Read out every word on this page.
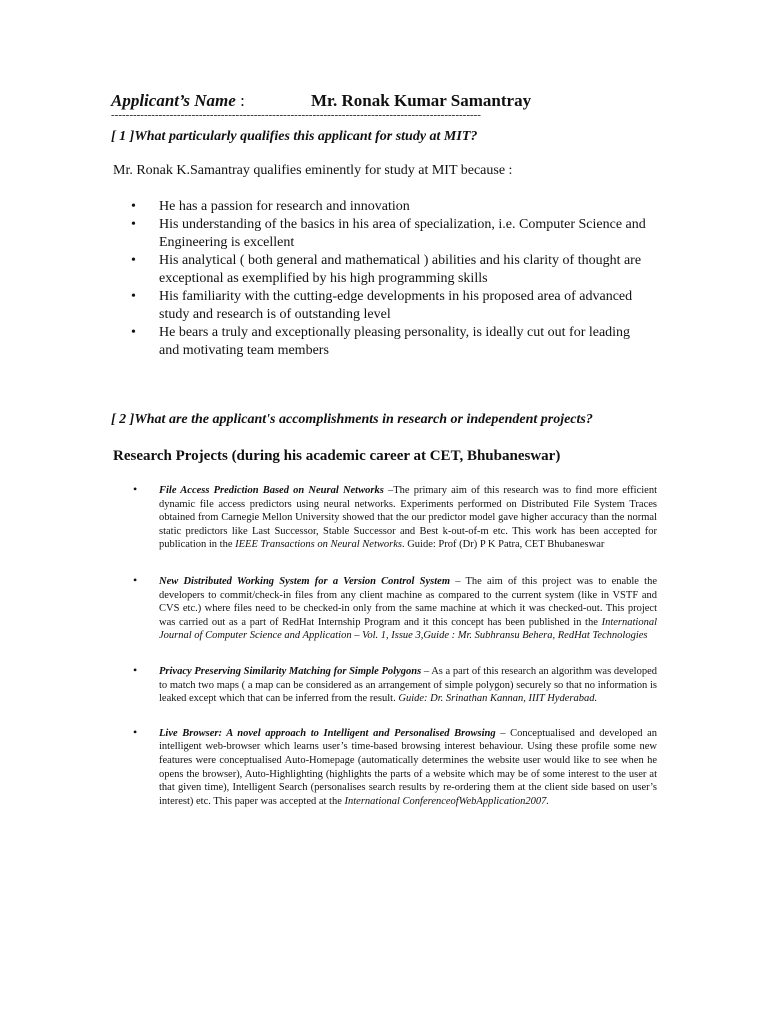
Applicant’s Name :	Mr. Ronak Kumar Samantray
-----------------------------------------------------------------------------------------------------
[ 1 ]What particularly qualifies this applicant for study at MIT?
Mr. Ronak K.Samantray qualifies eminently for study at MIT because :
• He has a passion for research and innovation
• His understanding of the basics in his area of specialization, i.e. Computer Science and Engineering is excellent
• His analytical ( both general and mathematical ) abilities and his clarity of thought are exceptional as exemplified by his high programming skills
• His familiarity with the cutting-edge developments in his proposed area of advanced study and research is of outstanding level
• He bears a truly and exceptionally pleasing personality, is ideally cut out for leading and motivating team members
[ 2 ]What are the applicant's accomplishments in research or independent projects?
Research Projects (during his academic career at CET, Bhubaneswar)
• File Access Prediction Based on Neural Networks –The primary aim of this research was to find more efficient dynamic file access predictors using neural networks. Experiments performed on Distributed File System Traces obtained from Carnegie Mellon University showed that the our predictor model gave higher accuracy than the normal static predictors like Last Successor, Stable Successor and Best k-out-of-m etc. This work has been accepted for publication in the IEEE Transactions on Neural Networks. Guide: Prof (Dr) P K Patra, CET Bhubaneswar
• New Distributed Working System for a Version Control System – The aim of this project was to enable the developers to commit/check-in files from any client machine as compared to the current system (like in VSTF and CVS etc.) where files need to be checked-in only from the same machine at which it was checked-out. This project was carried out as a part of RedHat Internship Program and it this concept has been published in the International Journal of Computer Science and Application – Vol. 1, Issue 3,Guide : Mr. Subhransu Behera, RedHat Technologies
• Privacy Preserving Similarity Matching for Simple Polygons – As a part of this research an algorithm was developed to match two maps ( a map can be considered as an arrangement of simple polygon) securely so that no information is leaked except which that can be inferred from the result. Guide: Dr. Srinathan Kannan, IIIT Hyderabad.
• Live Browser: A novel approach to Intelligent and Personalised Browsing – Conceptualised and developed an intelligent web-browser which learns user’s time-based browsing interest behaviour. Using these profile some new features were conceptualised Auto-Homepage (automatically determines the website user would like to see when he opens the browser), Auto-Highlighting (highlights the parts of a website which may be of some interest to the user at that given time), Intelligent Search (personalises search results by re-ordering them at the client side based on user’s interest) etc. This paper was accepted at the International ConferenceofWebApplication2007.
